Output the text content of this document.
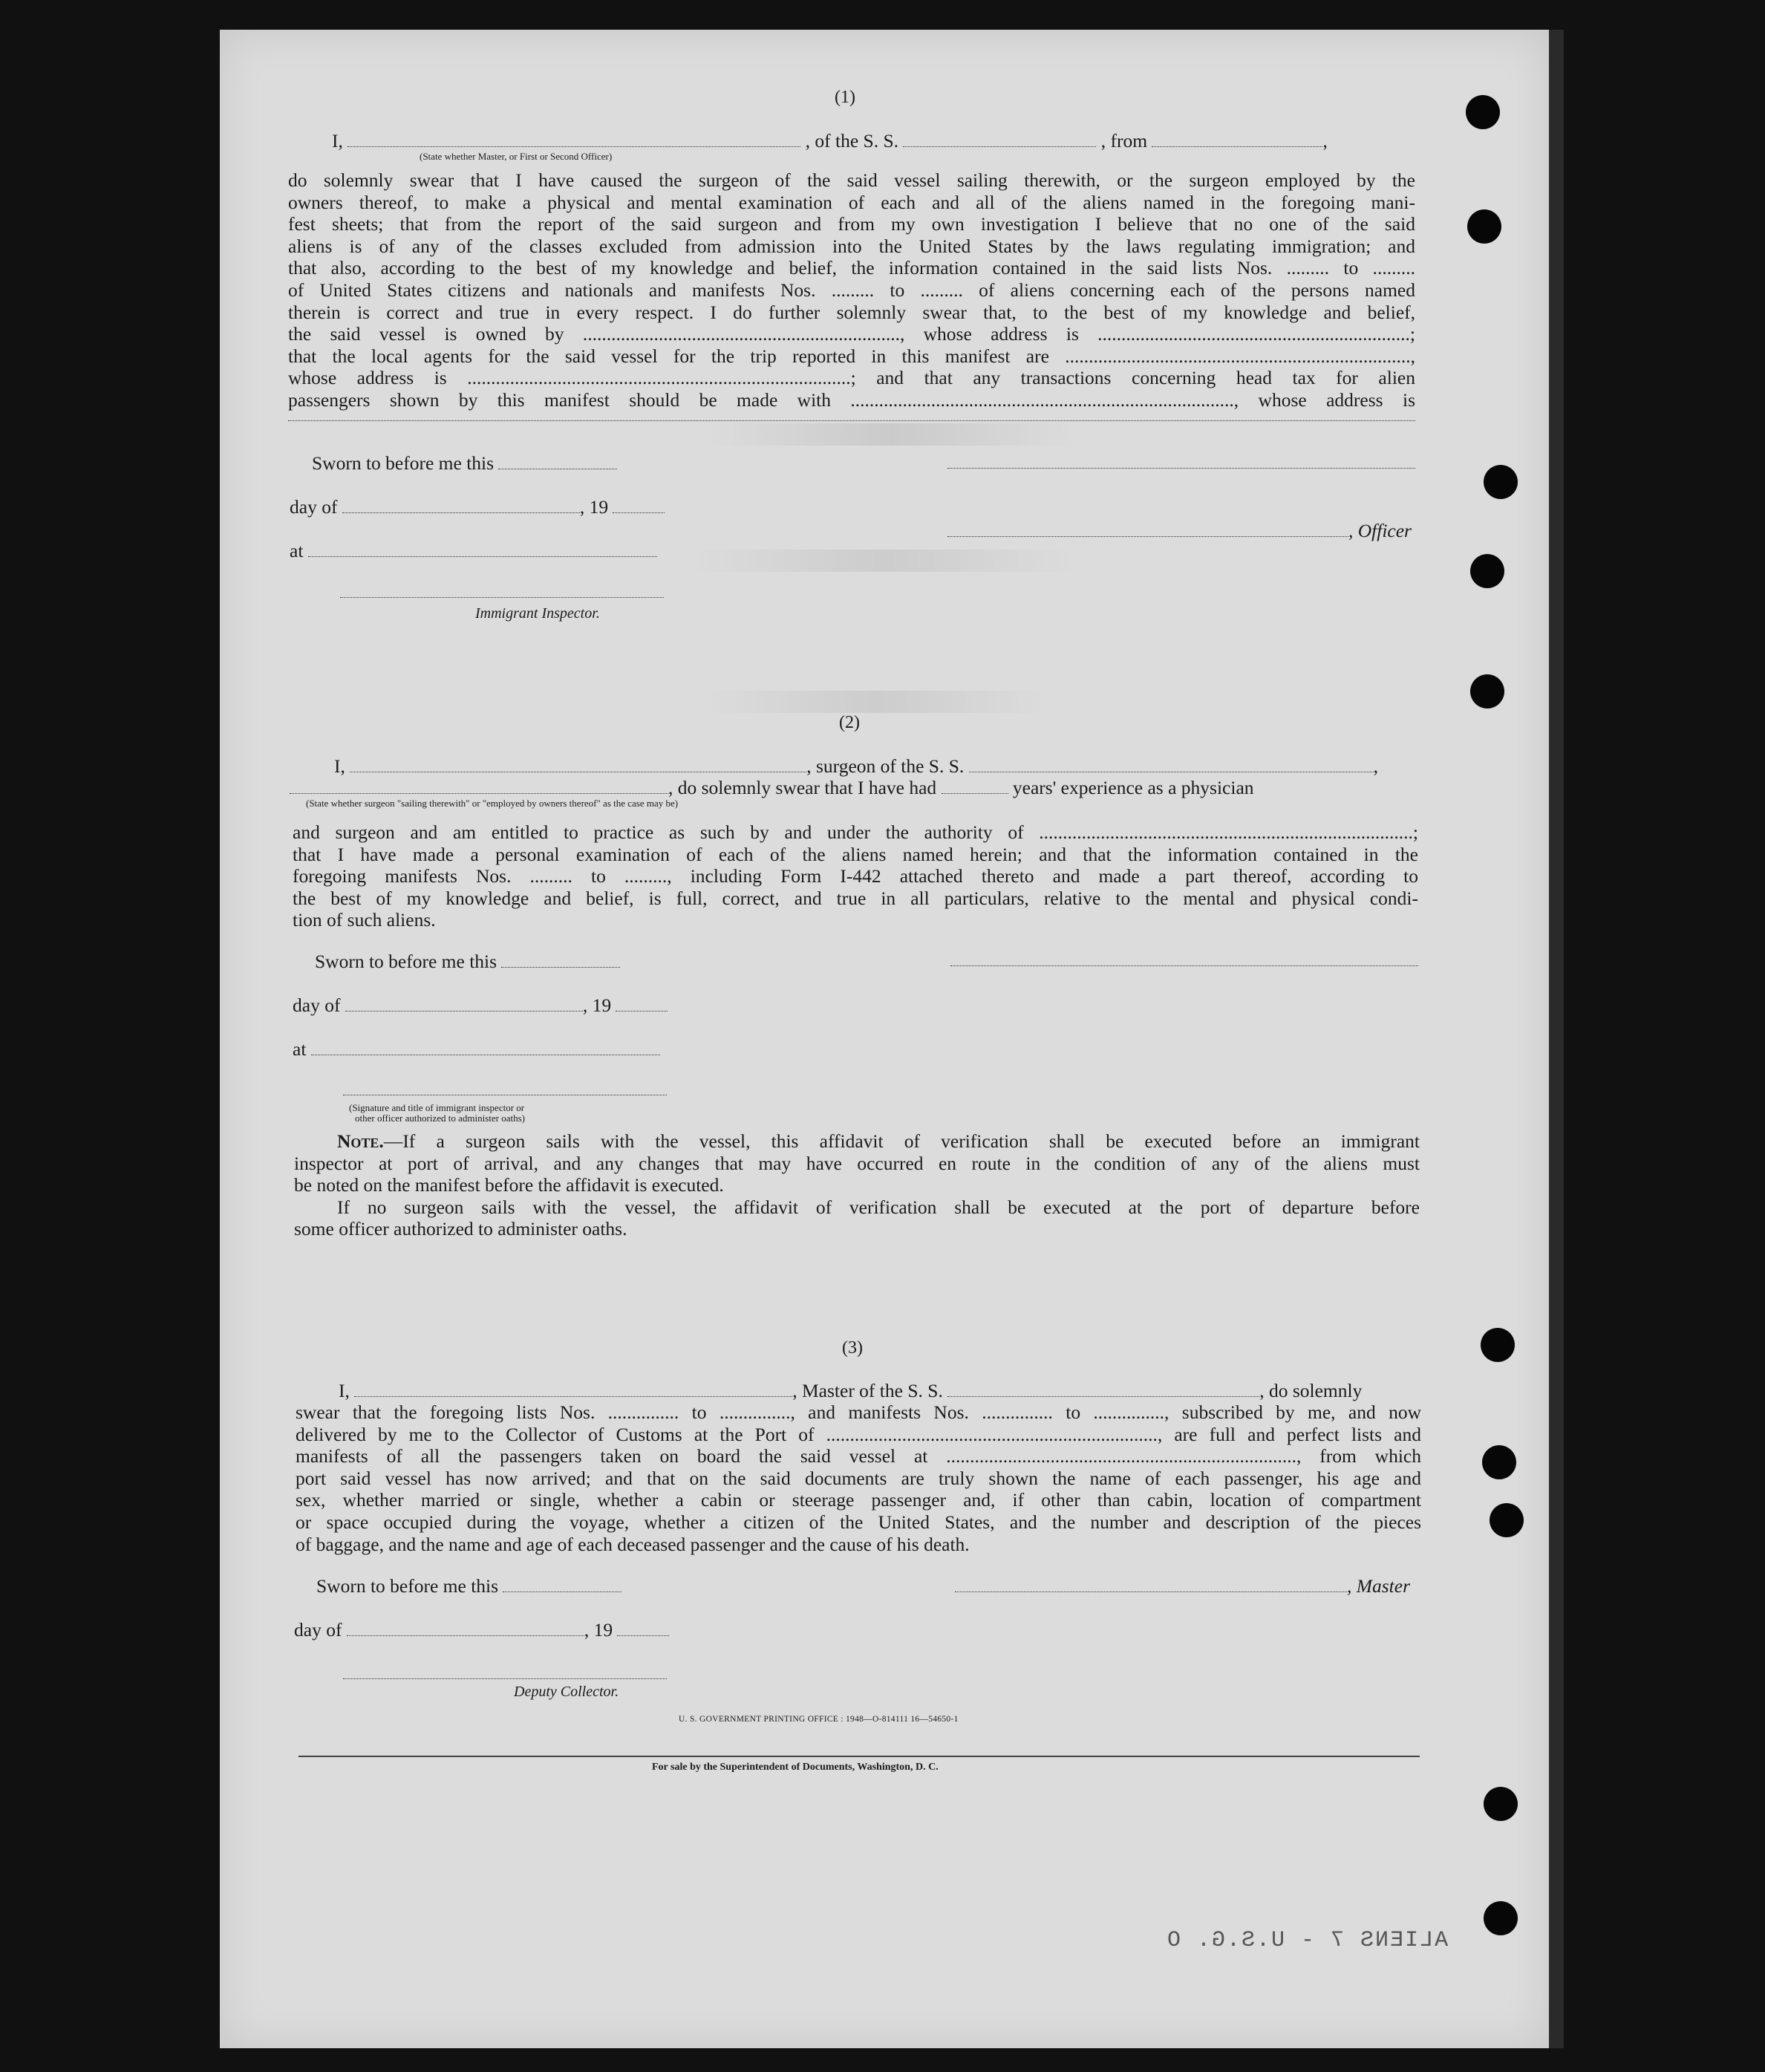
(1)
I,	, of the S. S.	, from	,
(State whether Master, or First or Second Officer)

do solemnly swear that I have caused the surgeon of the said vessel sailing therewith, or the surgeon employed by the

owners thereof, to make a physical and mental examination of each and all of the aliens named in the foregoing mani-

fest sheets; that from the report of the said surgeon and from my own investigation I believe that no one of the said

aliens is of any of the classes excluded from admission into the United States by the laws regulating immigration; and

that also, according to the best of my knowledge and belief, the information contained in the said lists Nos. ......... to .........

of United States citizens and nationals and manifests Nos. ......... to ......... of aliens concerning each of the persons named

therein is correct and true in every respect. I do further solemnly swear that, to the best of my knowledge and belief,

the said vessel is owned by ..................................................................., whose address is ..................................................................;

that the local agents for the said vessel for the trip reported in this manifest are .........................................................................,

whose address is .................................................................................; and that any transactions concerning head tax for alien

passengers shown by this manifest should be made with ................................................................................., whose address is

Sworn to before me this
day of	, 19
, Officer
at
Immigrant Inspector.
(2)
I,	, surgeon of the S. S.	,
, do solemnly swear that I have had	years' experience as a physician
(State whether surgeon "sailing therewith" or "employed by owners thereof" as the case may be)

and surgeon and am entitled to practice as such by and under the authority of ...............................................................................;

that I have made a personal examination of each of the aliens named herein; and that the information contained in the

foregoing manifests Nos. ......... to ........., including Form I-442 attached thereto and made a part thereof, according to

the best of my knowledge and belief, is full, correct, and true in all particulars, relative to the mental and physical condi-

tion of such aliens.

Sworn to before me this
day of	, 19
at
(Signature and title of immigrant inspector or
other officer authorized to administer oaths)

Note.—If a surgeon sails with the vessel, this affidavit of verification shall be executed before an immigrant

inspector at port of arrival, and any changes that may have occurred en route in the condition of any of the aliens must

be noted on the manifest before the affidavit is executed.

If no surgeon sails with the vessel, the affidavit of verification shall be executed at the port of departure before

some officer authorized to administer oaths.

(3)
I,	, Master of the S. S.	, do solemnly

swear that the foregoing lists Nos. ............... to ..............., and manifests Nos. ............... to ..............., subscribed by me, and now

delivered by me to the Collector of Customs at the Port of ......................................................................, are full and perfect lists and

manifests of all the passengers taken on board the said vessel at .........................................................................., from which

port said vessel has now arrived; and that on the said documents are truly shown the name of each passenger, his age and

sex, whether married or single, whether a cabin or steerage passenger and, if other than cabin, location of compartment

or space occupied during the voyage, whether a citizen of the United States, and the number and description of the pieces

of baggage, and the name and age of each deceased passenger and the cause of his death.

Sworn to before me this	, Master
day of	, 19
Deputy Collector.
U. S. GOVERNMENT PRINTING OFFICE : 1948—O-814111 16—54650-1
For sale by the Superintendent of Documents, Washington, D. C.
ALIENS 7 - U.S.G. O
